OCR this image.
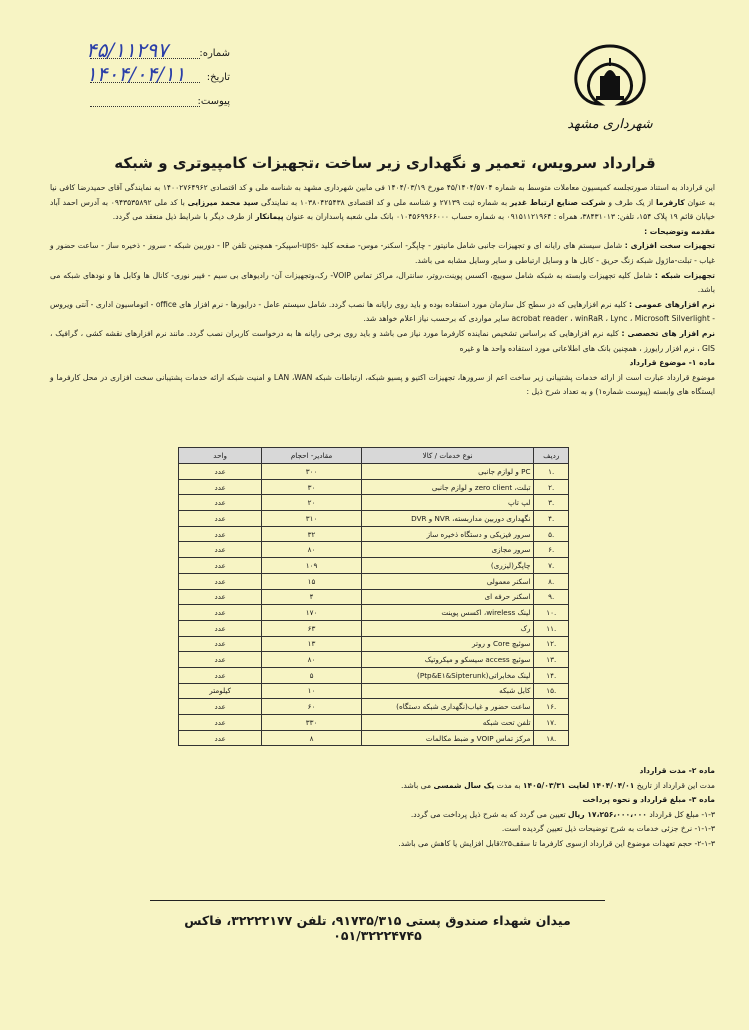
شهرداری مشهد
۴۵/۱۱۲۹۷	شماره:
۱۴۰۴/۰۴/۱۱ تاریخ:
پیوست:
قرارداد سرویس، تعمیر و نگهداری زیر ساخت ،تجهیزات کامپیوتری و شبکه

این قرارداد به استناد صورتجلسه کمیسیون معاملات متوسط به شماره ۴۵/۱۴۰۴/۵۷۰۴ مورخ ۱۴۰۴/۰۳/۱۹ فی مابین شهرداری مشهد به شناسه ملی و کد اقتصادی ۱۴۰۰۲۷۶۴۹۶۲ به نمایندگی آقای حمیدرضا کافی نیا به عنوان کارفرما از یک طرف و شرکت صنایع ارتباط غدیر به شماره ثبت ۲۷۱۳۹ و شناسه ملی و کد اقتصادی ۱۰۳۸۰۴۲۵۴۳۸ به نمایندگی سید محمد میرزایی با کد ملی ۰۹۴۳۵۳۵۸۹۲ به آدرس احمد آباد خیابان قائم ۱۹ پلاک ۱۵۴، تلفن: ۳۸۴۳۱۰۱۳، همراه : ۰۹۱۵۱۱۲۱۹۶۴ به شماره حساب ۰۱۰۴۵۶۹۹۶۶۰۰۰ بانک ملی شعبه پاسداران به عنوان پیمانکار از طرف دیگر با شرایط ذیل منعقد می گردد.

مقدمه وتوضیحات :

تجهیزات سخت افزاری : شامل سیستم های رایانه ای و تجهیزات جانبی شامل مانیتور - چاپگر- اسکنر- موس- صفحه کلید -ups-اسپیکر- همچنین تلفن IP - دوربین شبکه - سرور - ذخیره ساز - ساعت حضور و غیاب - تبلت-ماژول شبکه زنگ حریق - کابل ها و وسایل ارتباطی و سایر وسایل مشابه می باشد.

تجهیزات شبکه : شامل کلیه تجهیزات وابسته به شبکه شامل سوییچ، اکسس پوینت،روتر، سانترال، مراکز تماس VOIP- رک،وتجهیزات آن- رادیوهای بی سیم - فیبر نوری- کانال ها وکابل ها و نودهای شبکه می باشد.

نرم افزارهای عمومی : کلیه نرم افزارهایی که در سطح کل سازمان مورد استفاده بوده و باید روی رایانه ها نصب گردد. شامل سیستم عامل - درایورها - نرم افزار های office - اتوماسیون اداری - آنتی ویروس - acrobat reader ، winRaR ، Lync ، Microsoft Silverlight سایر مواردی که برحسب نیاز اعلام خواهد شد.

نرم افزار های تخصصی : کلیه نرم افزارهایی که براساس تشخیص نماینده کارفرما مورد نیاز می باشد و باید روی برخی رایانه ها به درخواست کاربران نصب گردد. مانند نرم افزارهای نقشه کشی ، گرافیک ، GIS ، نرم افزار رایورز ، همچنین بانک های اطلاعاتی مورد استفاده واحد ها و غیره

ماده ۱- موضوع قرارداد

موضوع قرارداد عبارت است از ارائه خدمات پشتیبانی زیر ساخت اعم از سرورها، تجهیزات اکتیو و پسیو شبکه، ارتباطات شبکه LAN ،WAN و امنیت شبکه ارائه خدمات پشتیبانی سخت افزاری در محل کارفرما و ایستگاه های وابسته (پیوست شماره۱) و به تعداد شرح ذیل :

ردیف	نوع خدمات / کالا	مقادیر- احجام	واحد
.۱	PC و لوازم جانبی	۳۰۰	عدد
.۲	تبلت، zero client و لوازم جانبی	۳۰	عدد
.۳	لپ تاپ	۲۰	عدد
.۴	نگهداری دوربین مداربسته، NVR و DVR	۳۱۰	عدد
.۵	سرور فیزیکی و دستگاه ذخیره ساز	۳۲	عدد
.۶	سرور مجازی	۸۰	عدد
.۷	چاپگر(لیزری)	۱۰۹	عدد
.۸	اسکنر معمولی	۱۵	عدد
.۹	اسکنر حرفه ای	۴	عدد
.۱۰	لینک wireless، اکسس پوینت	۱۷۰	عدد
.۱۱	رک	۶۳	عدد
.۱۲	سوئیچ Core و روتر	۱۳	عدد
.۱۳	سوئیچ access سیسکو و میکروتیک	۸۰	عدد
.۱۴	لینک مخابراتی(Ptp&E۱&Sipterunk)	۵	عدد
.۱۵	کابل شبکه	۱۰	کیلومتر
.۱۶	ساعت حضور و غیاب(نگهداری شبکه دستگاه)	۶۰	عدد
.۱۷	تلفن تحت شبکه	۳۳۰	عدد
.۱۸	مرکز تماس VOIP و ضبط مکالمات	۸	عدد

ماده ۲- مدت قرارداد

مدت این قرارداد از تاریخ ۱۴۰۴/۰۴/۰۱ لغایت ۱۴۰۵/۰۳/۳۱ به مدت یک سال شمسی می باشد.

ماده ۳- مبلغ قرارداد و نحوه پرداخت

۱-۳- مبلغ کل قرارداد ۱۷،۲۵۶،۰۰۰،۰۰۰ ریال تعیین می گردد که به شرح ذیل پرداخت می گردد.

۱-۱-۳- نرخ جزئی خدمات به شرح توضیحات ذیل تعیین گردیده است.

۲-۱-۳- حجم تعهدات موضوع این قرارداد ازسوی کارفرما تا سقف۲۵٪قابل افزایش یا کاهش می باشد.

میدان شهداء صندوق پستی ۹۱۷۳۵/۳۱۵، تلفن ۳۲۲۲۲۱۷۷، فاکس ۰۵۱/۳۲۲۲۴۷۴۵
